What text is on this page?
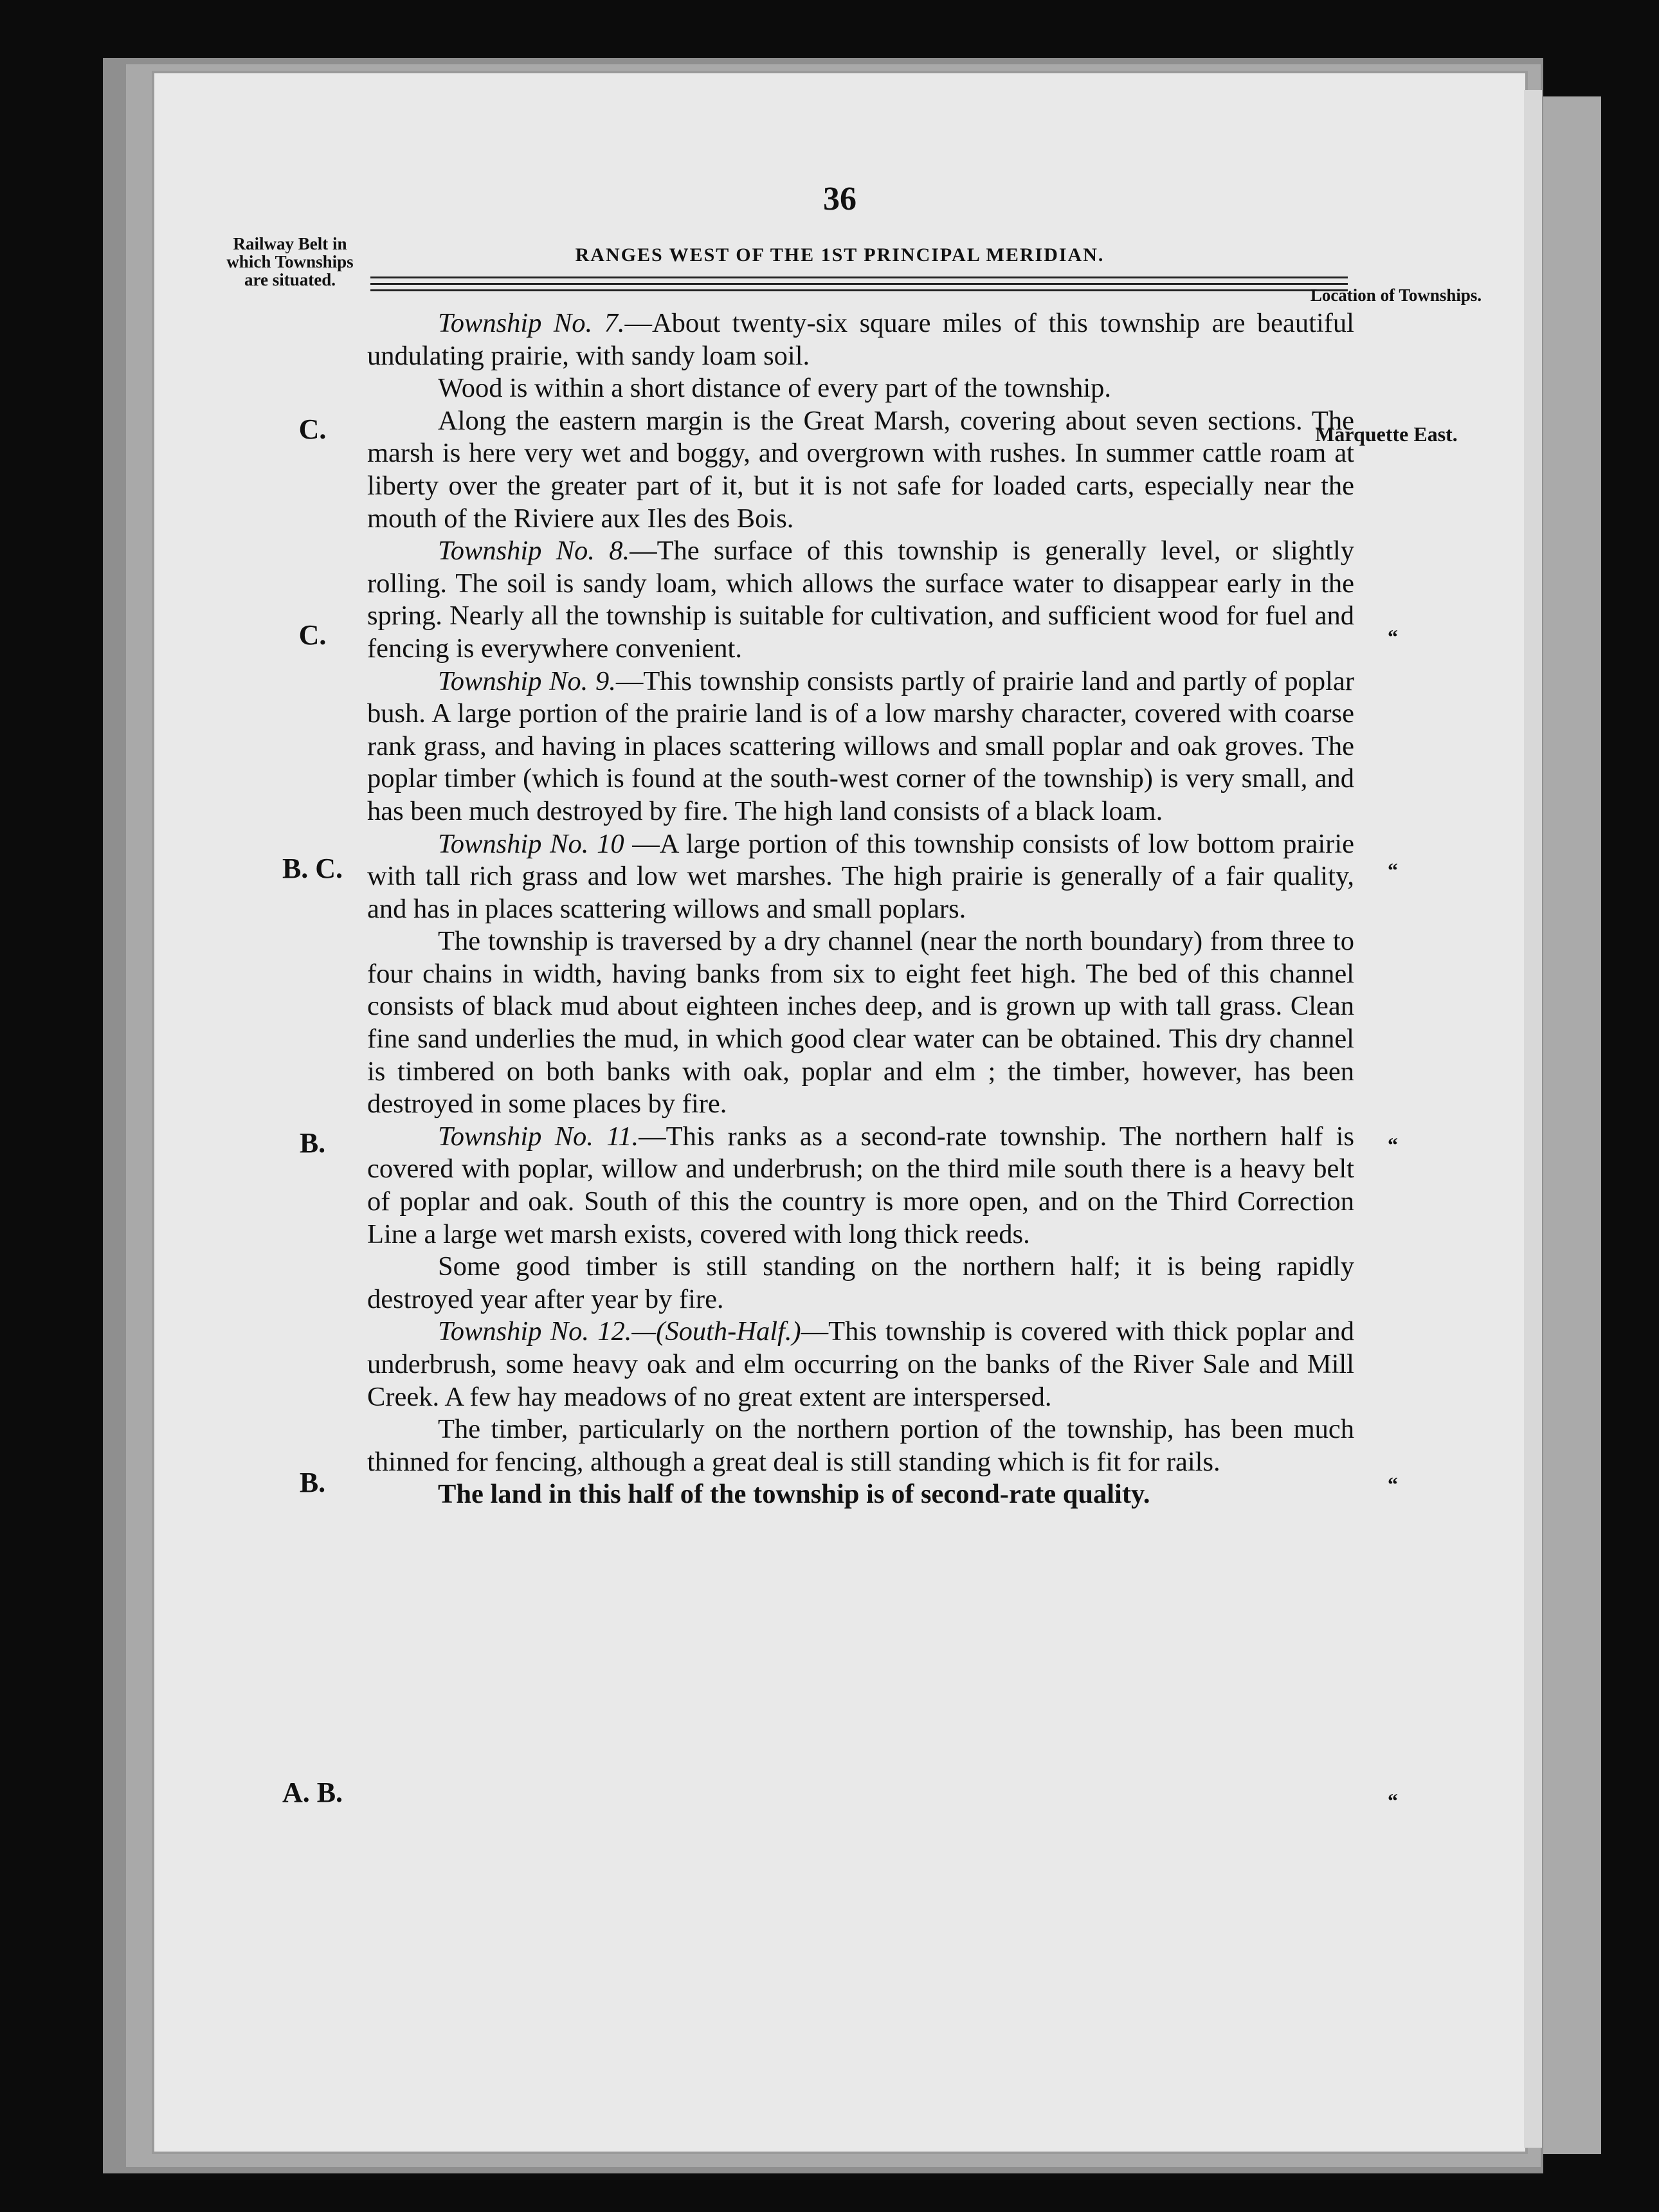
36
RANGES WEST OF THE 1ST PRINCIPAL MERIDIAN.
Railway Belt in which Townships are situated.
Location of Townships.

Township No. 7.—About twenty-six square miles of this township are beautiful undulating prairie, with sandy loam soil.

Wood is within a short distance of every part of the township.

Along the eastern margin is the Great Marsh, covering about seven sections. The marsh is here very wet and boggy, and overgrown with rushes. In summer cattle roam at liberty over the greater part of it, but it is not safe for loaded carts, especially near the mouth of the Riviere aux Iles des Bois.

Township No. 8.—The surface of this township is generally level, or slightly rolling. The soil is sandy loam, which allows the surface water to disappear early in the spring. Nearly all the township is suitable for cultivation, and sufficient wood for fuel and fencing is everywhere convenient.

Township No. 9.—This township consists partly of prairie land and partly of poplar bush. A large portion of the prairie land is of a low marshy character, covered with coarse rank grass, and having in places scattering willows and small poplar and oak groves. The poplar timber (which is found at the south-west corner of the township) is very small, and has been much destroyed by fire. The high land consists of a black loam.

Township No. 10 —A large portion of this township consists of low bottom prairie with tall rich grass and low wet marshes. The high prairie is generally of a fair quality, and has in places scattering willows and small poplars.

The township is traversed by a dry channel (near the north boundary) from three to four chains in width, having banks from six to eight feet high. The bed of this channel consists of black mud about eighteen inches deep, and is grown up with tall grass. Clean fine sand underlies the mud, in which good clear water can be obtained. This dry channel is timbered on both banks with oak, poplar and elm ; the timber, however, has been destroyed in some places by fire.

Township No. 11.—This ranks as a second-rate township. The northern half is covered with poplar, willow and underbrush; on the third mile south there is a heavy belt of poplar and oak. South of this the country is more open, and on the Third Correction Line a large wet marsh exists, covered with long thick reeds.

Some good timber is still standing on the northern half; it is being rapidly destroyed year after year by fire.

Township No. 12.—(South-Half.)—This township is covered with thick poplar and underbrush, some heavy oak and elm occurring on the banks of the River Sale and Mill Creek. A few hay meadows of no great extent are interspersed.

The timber, particularly on the northern portion of the township, has been much thinned for fencing, although a great deal is still standing which is fit for rails.

The land in this half of the township is of second-rate quality.

C.
C.
B. C.
B.
B.
A. B.
Marquette East.
“
“
“
“
“
